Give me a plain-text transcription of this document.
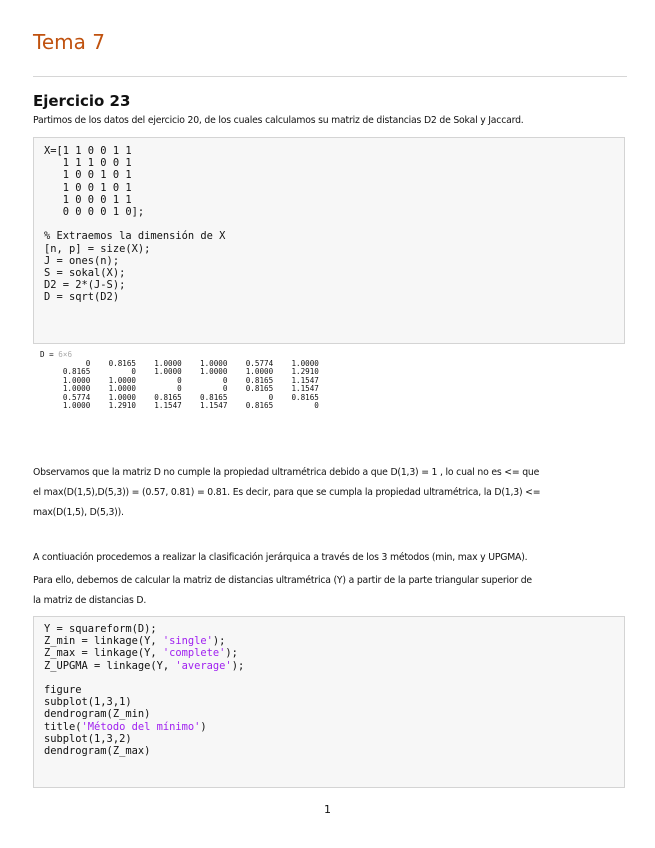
Tema 7
Ejercicio 23
Partimos de los datos del ejercicio 20, de los cuales calculamos su matriz de distancias D2 de Sokal y Jaccard.
X=[1 1 0 0 1 1
1 1 1 0 0 1
1 0 0 1 0 1
1 0 0 1 0 1
1 0 0 0 1 1
0 0 0 0 1 0];
% Extraemos la dimensión de X
[n, p] = size(X);
J = ones(n);
S = sokal(X);
D2 = 2*(J-S);
D = sqrt(D2)
D = 6×6
0    0.8165    1.0000    1.0000    0.5774    1.0000
0.8165         0    1.0000    1.0000    1.0000    1.2910
1.0000    1.0000         0         0    0.8165    1.1547
1.0000    1.0000         0         0    0.8165    1.1547
0.5774    1.0000    0.8165    0.8165         0    0.8165
1.0000    1.2910    1.1547    1.1547    0.8165         0
Observamos que la matriz D no cumple la propiedad ultramétrica debido a que D(1,3) = 1 , lo cual no es <= que
el max(D(1,5),D(5,3)) = (0.57, 0.81) = 0.81. Es decir, para que se cumpla la propiedad ultramétrica, la D(1,3) <=
max(D(1,5), D(5,3)).
A contiuación procedemos a realizar la clasificación jerárquica a través de los 3 métodos (min, max y UPGMA).
Para ello, debemos de calcular la matriz de distancias ultramétrica (Y) a partir de la parte triangular superior de
la matriz de distancias D.
Y = squareform(D);
Z_min = linkage(Y, 'single');
Z_max = linkage(Y, 'complete');
Z_UPGMA = linkage(Y, 'average');

figure
subplot(1,3,1)
dendrogram(Z_min)
title('Método del mínimo')
subplot(1,3,2)
dendrogram(Z_max)
1
